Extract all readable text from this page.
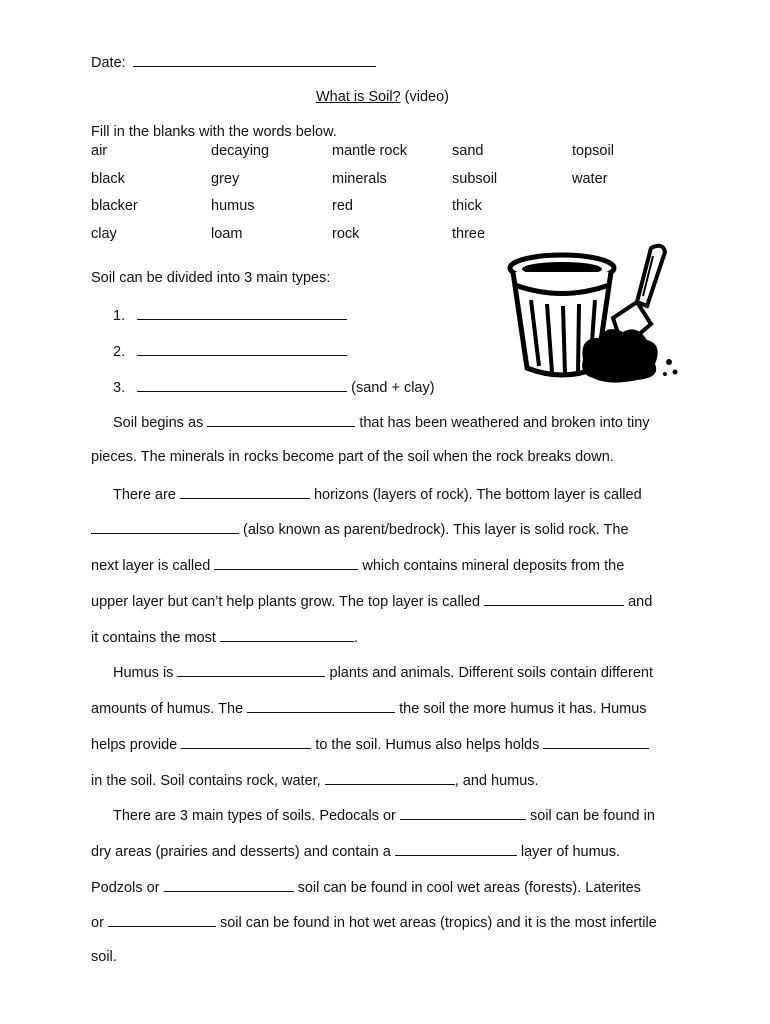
Date:
What is Soil? (video)
Fill in the blanks with the words below.
air	decaying	mantle rock	sand	topsoil
black	grey	minerals	subsoil	water
blacker	humus	red	thick
clay	loam	rock	three
Soil can be divided into 3 main types:
1.
2.
3.	(sand + clay)
Soil begins as	that has been weathered and broken into tiny
pieces. The minerals in rocks become part of the soil when the rock breaks down.
There are	horizons (layers of rock). The bottom layer is called
(also known as parent/bedrock). This layer is solid rock. The
next layer is called	which contains mineral deposits from the
upper layer but can’t help plants grow. The top layer is called	and
it contains the most	.
Humus is	plants and animals. Different soils contain different
amounts of humus. The	the soil the more humus it has. Humus
helps provide	to the soil. Humus also helps holds
in the soil. Soil contains rock, water,	, and humus.
There are 3 main types of soils. Pedocals or	soil can be found in
dry areas (prairies and desserts) and contain a	layer of humus.
Podzols or	soil can be found in cool wet areas (forests). Laterites
or	soil can be found in hot wet areas (tropics) and it is the most infertile
soil.
